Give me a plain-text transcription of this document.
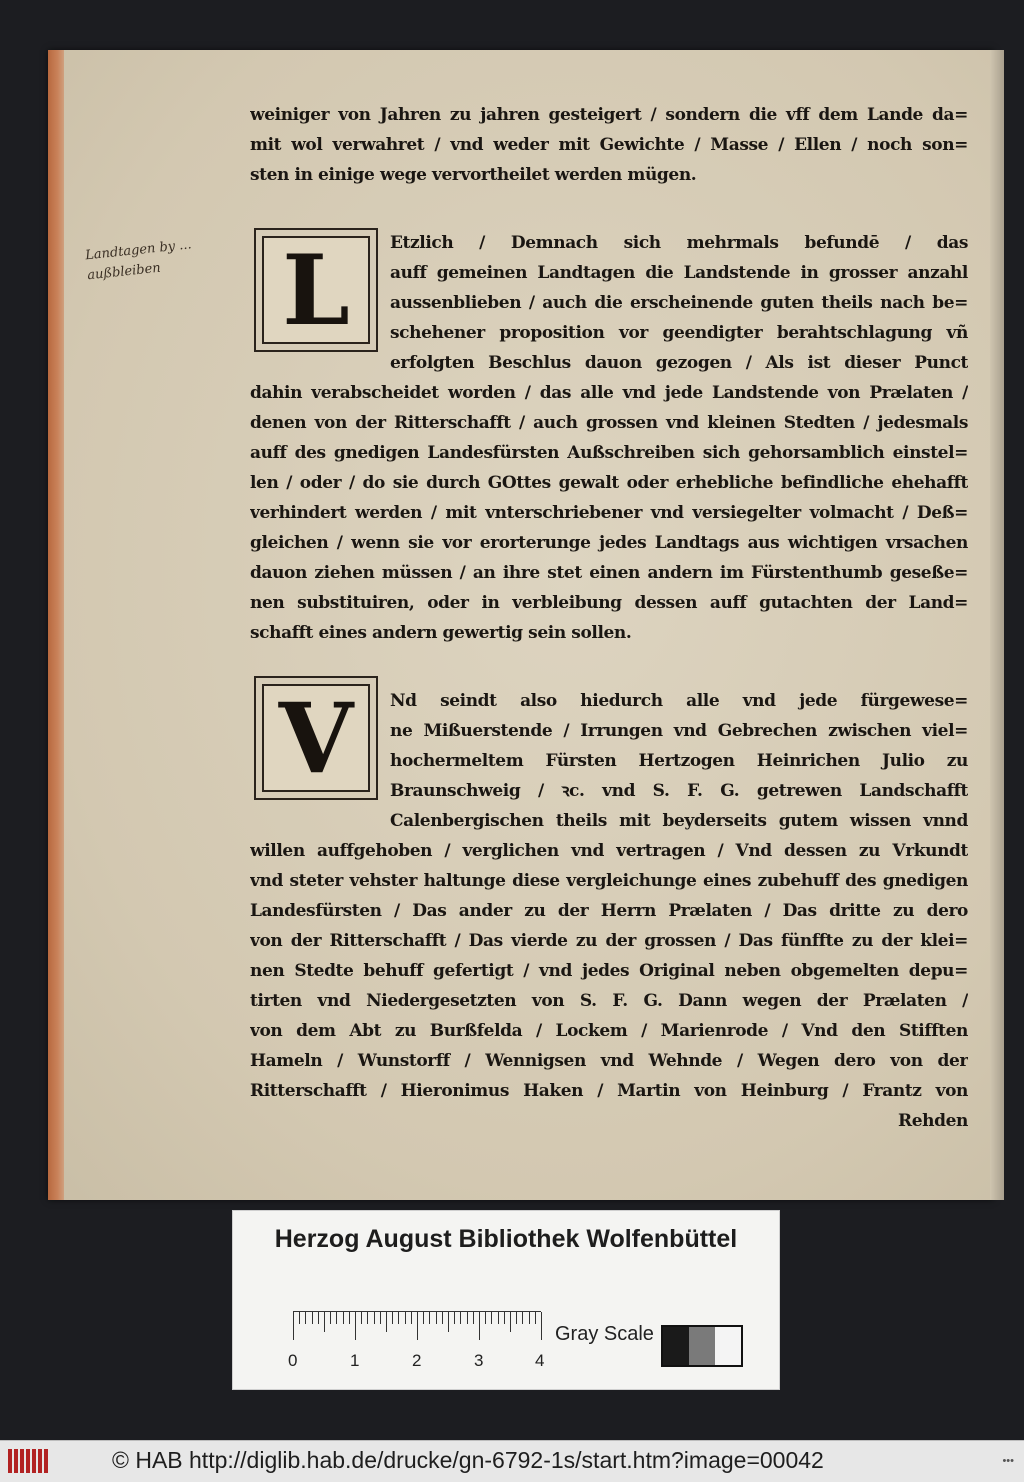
Landtagen by ... außbleiben	L
V
weiniger von Jahren zu jahren gesteigert / sondern die vff dem Lande da=
mit wol verwahret / vnd weder mit Gewichte / Masse / Ellen / noch son=
sten in einige wege vervortheilet werden mügen.
Etzlich / Demnach sich mehrmals befundē / das
auff gemeinen Landtagen die Landstende in grosser anzahl
aussenblieben / auch die erscheinende guten theils nach be=
schehener proposition vor geendigter berahtschlagung vñ
erfolgten Beschlus dauon gezogen / Als ist dieser Punct
dahin verabscheidet worden / das alle vnd jede Landstende von Prælaten /
denen von der Ritterschafft / auch grossen vnd kleinen Stedten / jedesmals
auff des gnedigen Landesfürsten Außschreiben sich gehorsamblich einstel=
len / oder / do sie durch GOttes gewalt oder erhebliche befindliche ehehafft
verhindert werden / mit vnterschriebener vnd versiegelter volmacht / Deß=
gleichen / wenn sie vor erorterunge jedes Landtags aus wichtigen vrsachen
dauon ziehen müssen / an ihre stet einen andern im Fürstenthumb geseße=
nen substituiren, oder in verbleibung dessen auff gutachten der Land=
schafft eines andern gewertig sein sollen.
Nd seindt also hiedurch alle vnd jede fürgewese=
ne Mißuerstende / Irrungen vnd Gebrechen zwischen viel=
hochermeltem Fürsten Hertzogen Heinrichen Julio zu
Braunschweig / ꝛc. vnd S. F. G. getrewen Landschafft
Calenbergischen theils mit beyderseits gutem wissen vnnd
willen auffgehoben / verglichen vnd vertragen / Vnd dessen zu Vrkundt
vnd steter vehster haltunge diese vergleichunge eines zubehuff des gnedigen
Landesfürsten / Das ander zu der Herrn Prælaten / Das dritte zu dero
von der Ritterschafft / Das vierde zu der grossen / Das fünffte zu der klei=
nen Stedte behuff gefertigt / vnd jedes Original neben obgemelten depu=
tirten vnd Niedergesetzten von S. F. G. Dann wegen der Prælaten /
von dem Abt zu Burßfelda / Lockem / Marienrode / Vnd den Stifften
Hameln / Wunstorff / Wennigsen vnd Wehnde / Wegen dero von der
Ritterschafft / Hieronimus Haken / Martin von Heinburg / Frantz von
Rehden
Herzog August Bibliothek Wolfenbüttel
0	1	2	3	4
Gray Scale
© HAB http://diglib.hab.de/drucke/gn-6792-1s/start.htm?image=00042	•••
